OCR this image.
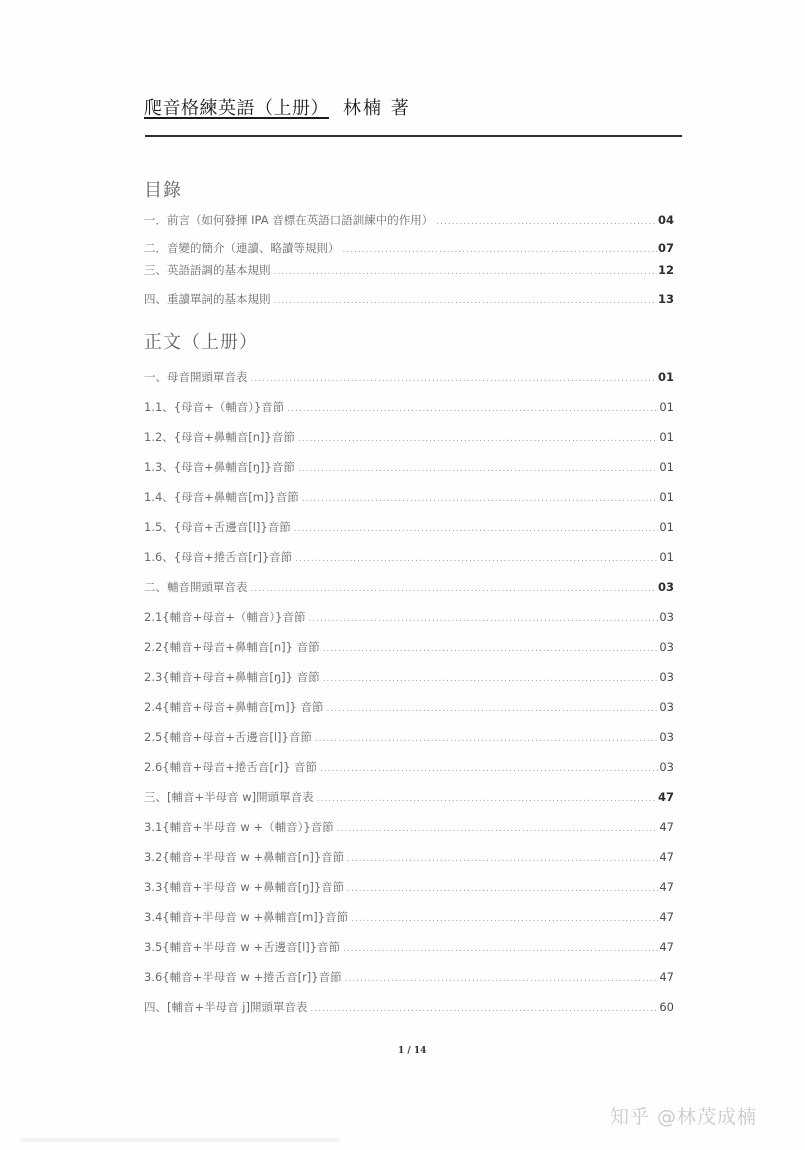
爬音格練英語（上册） 林楠 著
目錄
一．前言（如何發揮 IPA 音標在英語口語訓練中的作用） .....	04
二．音變的簡介（連讀、略讀等規則） .....	07
三、英語語調的基本規則 .....	12
四、重讀單詞的基本規則 .....	13
正文（上册）
一、母音開頭單音表 .....	01
1.1、{母音+（輔音）}音節 .....	01
1.2、{母音+鼻輔音[n]}音節 .....	01
1.3、{母音+鼻輔音[ŋ]}音節 .....	01
1.4、{母音+鼻輔音[m]}音節 .....	01
1.5、{母音+舌邊音[l]}音節 .....	01
1.6、{母音+捲舌音[r]}音節 .....	01
二、輔音開頭單音表 .....	03
2.1{輔音+母音+（輔音）}音節 .....	03
2.2{輔音+母音+鼻輔音[n]} 音節 .....	03
2.3{輔音+母音+鼻輔音[ŋ]} 音節 .....	03
2.4{輔音+母音+鼻輔音[m]} 音節 .....	03
2.5{輔音+母音+舌邊音[l]}音節 .....	03
2.6{輔音+母音+捲舌音[r]} 音節 .....	03
三、[輔音+半母音 w]開頭單音表 .....	47
3.1{輔音+半母音 w +（輔音）}音節 .....	47
3.2{輔音+半母音 w +鼻輔音[n]}音節 .....	47
3.3{輔音+半母音 w +鼻輔音[ŋ]}音節 .....	47
3.4{輔音+半母音 w +鼻輔音[m]}音節 .....	47
3.5{輔音+半母音 w +舌邊音[l]}音節 .....	47
3.6{輔音+半母音 w +捲舌音[r]}音節 .....	47
四、[輔音+半母音 j]開頭單音表 .....	60
1 / 14
知乎 @林茂成楠
